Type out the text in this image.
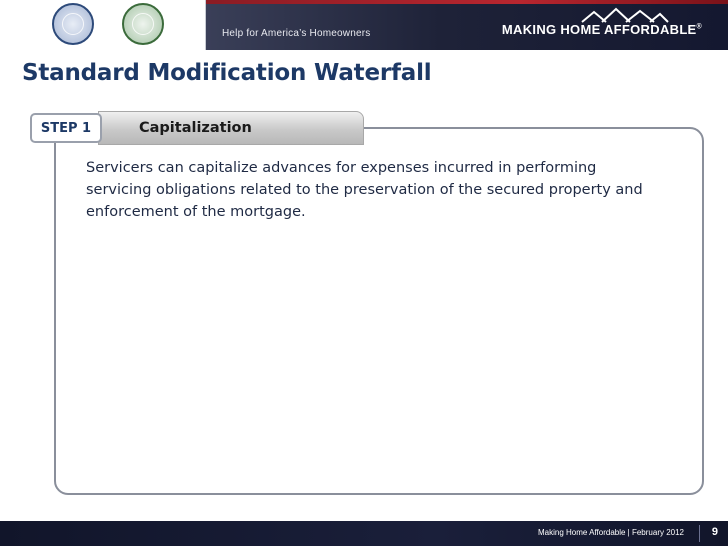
Help for America’s Homeowners	MAKING HOME AFFORDABLE®
Standard Modification Waterfall
STEP 1	Capitalization

Servicers can capitalize advances for expenses incurred in performing servicing obligations related to the preservation of the secured property and enforcement of the mortgage.

Making Home Affordable | February 2012	9
